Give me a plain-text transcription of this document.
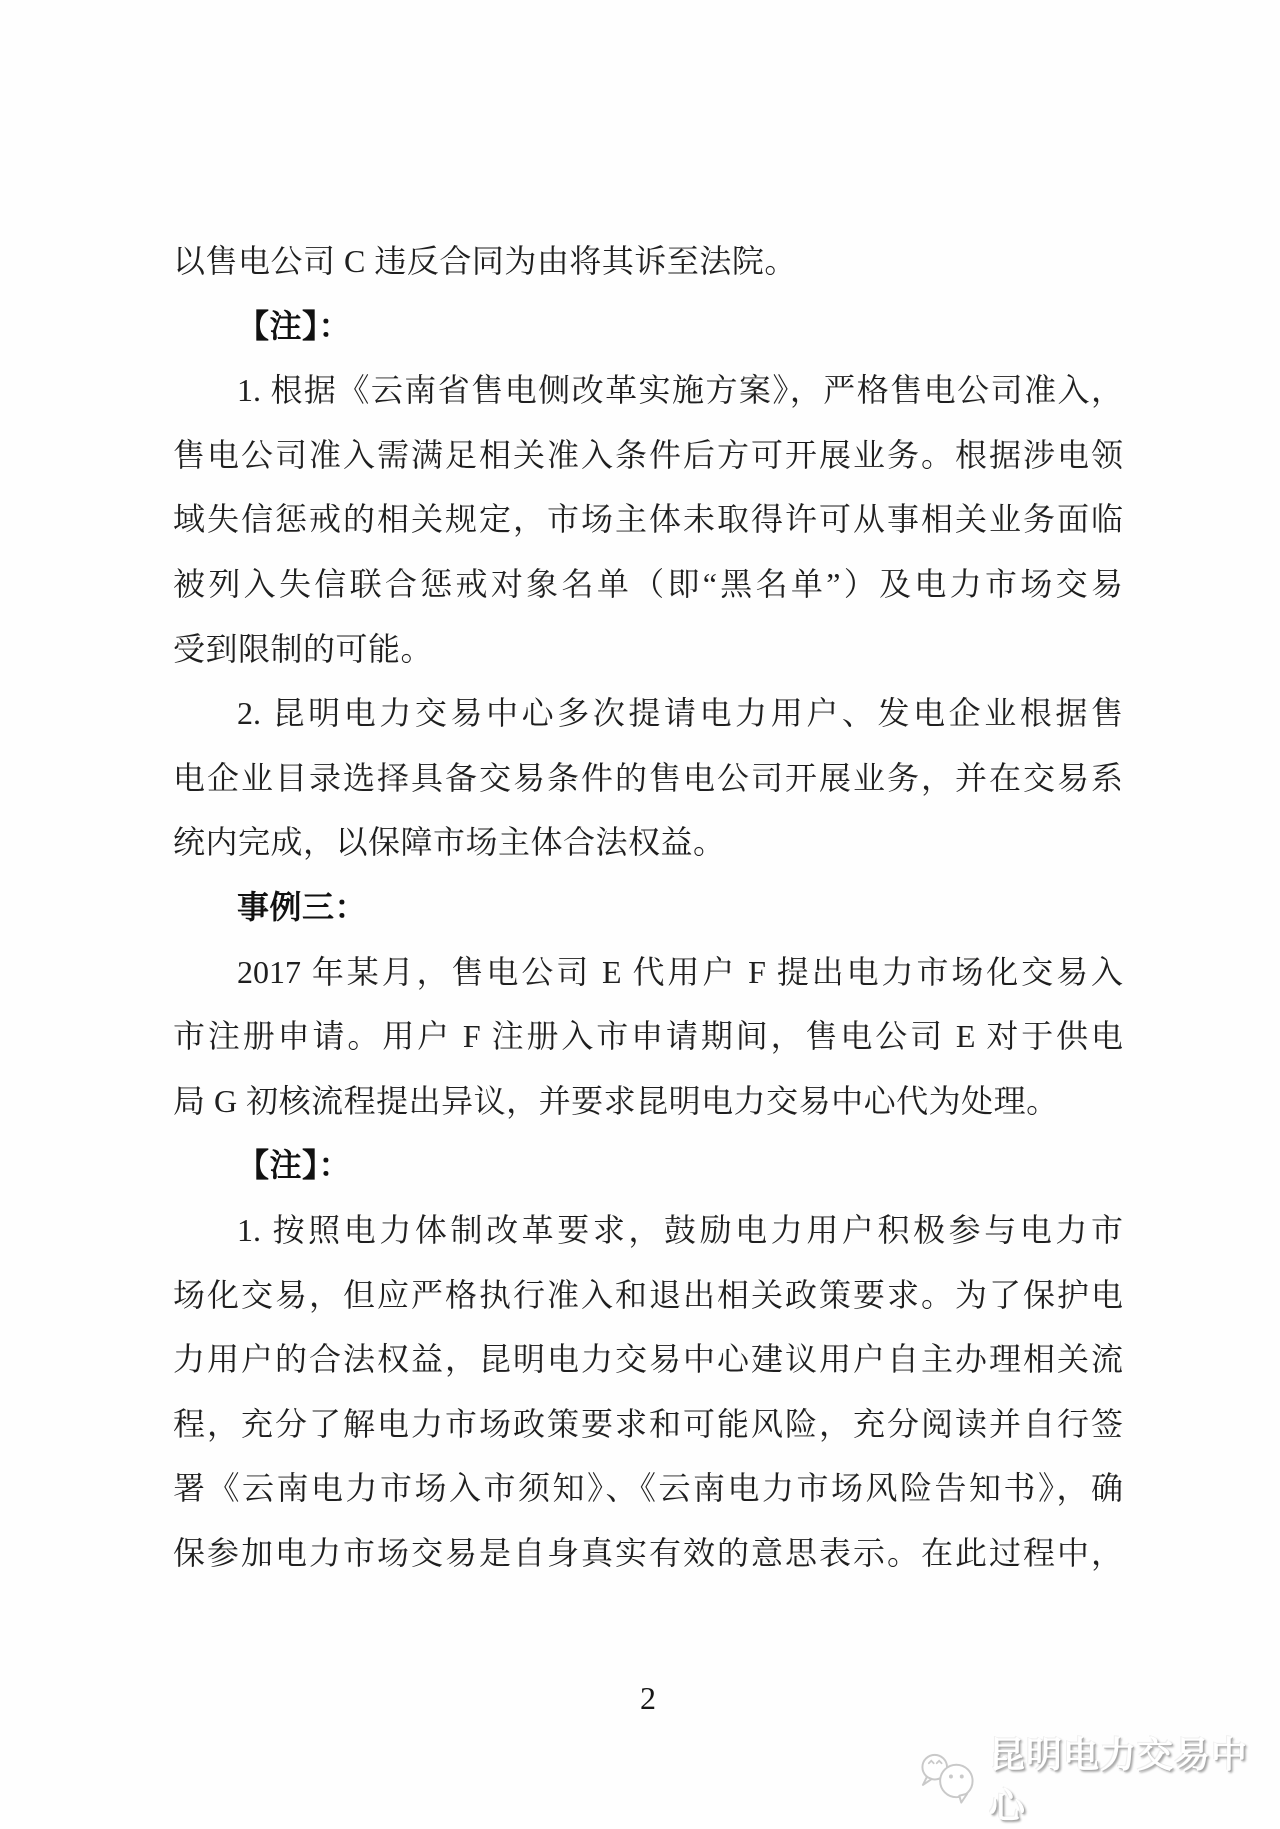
以售电公司 C 违反合同为由将其诉至法院。
【注】：
1. 根据《云南省售电侧改革实施方案》，严格售电公司准入，
售电公司准入需满足相关准入条件后方可开展业务。根据涉电领
域失信惩戒的相关规定，市场主体未取得许可从事相关业务面临
被列入失信联合惩戒对象名单（即“黑名单”）及电力市场交易
受到限制的可能。
2. 昆明电力交易中心多次提请电力用户、发电企业根据售
电企业目录选择具备交易条件的售电公司开展业务，并在交易系
统内完成，以保障市场主体合法权益。
事例三：
2017 年某月，售电公司 E 代用户 F 提出电力市场化交易入
市注册申请。用户 F 注册入市申请期间，售电公司 E 对于供电
局 G 初核流程提出异议，并要求昆明电力交易中心代为处理。
【注】：
1. 按照电力体制改革要求，鼓励电力用户积极参与电力市
场化交易，但应严格执行准入和退出相关政策要求。为了保护电
力用户的合法权益，昆明电力交易中心建议用户自主办理相关流
程，充分了解电力市场政策要求和可能风险，充分阅读并自行签
署《云南电力市场入市须知》、《云南电力市场风险告知书》，确
保参加电力市场交易是自身真实有效的意思表示。在此过程中，
2
昆明电力交易中心
